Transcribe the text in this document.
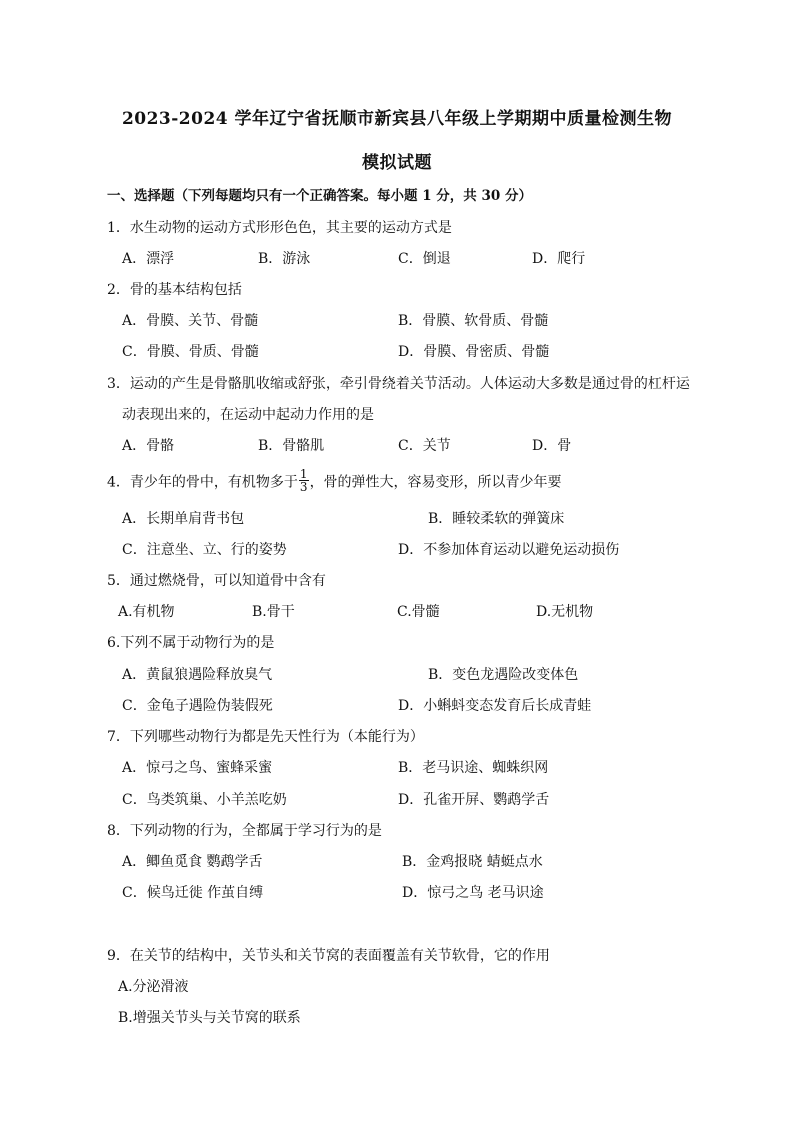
2023-2024 学年辽宁省抚顺市新宾县八年级上学期期中质量检测生物
模拟试题
一、选择题（下列每题均只有一个正确答案。每小题 1 分，共 30 分）
1．水生动物的运动方式形形色色，其主要的运动方式是
A．漂浮	B．游泳	C．倒退	D．爬行
2．骨的基本结构包括
A．骨膜、关节、骨髓	B．骨膜、软骨质、骨髓
C．骨膜、骨质、骨髓	D．骨膜、骨密质、骨髓
3．运动的产生是骨骼肌收缩或舒张，牵引骨绕着关节活动。人体运动大多数是通过骨的杠杆运
动表现出来的，在运动中起动力作用的是
A．骨骼	B．骨骼肌	C．关节	D．骨
4．青少年的骨中，有机物多于 $\frac{1}{3}$ ，骨的弹性大，容易变形，所以青少年要
A．长期单肩背书包	B．睡较柔软的弹簧床
C．注意坐、立、行的姿势	D．不参加体育运动以避免运动损伤
5．通过燃烧骨，可以知道骨中含有
A.有机物	B.骨干	C.骨髓	D.无机物
6.下列不属于动物行为的是
A．黄鼠狼遇险释放臭气	B．变色龙遇险改变体色
C．金龟子遇险伪装假死	D．小蝌蚪变态发育后长成青蛙
7．下列哪些动物行为都是先天性行为（本能行为）
A．惊弓之鸟、蜜蜂采蜜	B．老马识途、蜘蛛织网
C．鸟类筑巢、小羊羔吃奶	D．孔雀开屏、鹦鹉学舌
8．下列动物的行为，全都属于学习行为的是
A．鲫鱼觅食 鹦鹉学舌	B．金鸡报晓 蜻蜓点水
C．候鸟迁徙 作茧自缚	D．惊弓之鸟 老马识途
9．在关节的结构中，关节头和关节窝的表面覆盖有关节软骨，它的作用
A.分泌滑液
B.增强关节头与关节窝的联系
